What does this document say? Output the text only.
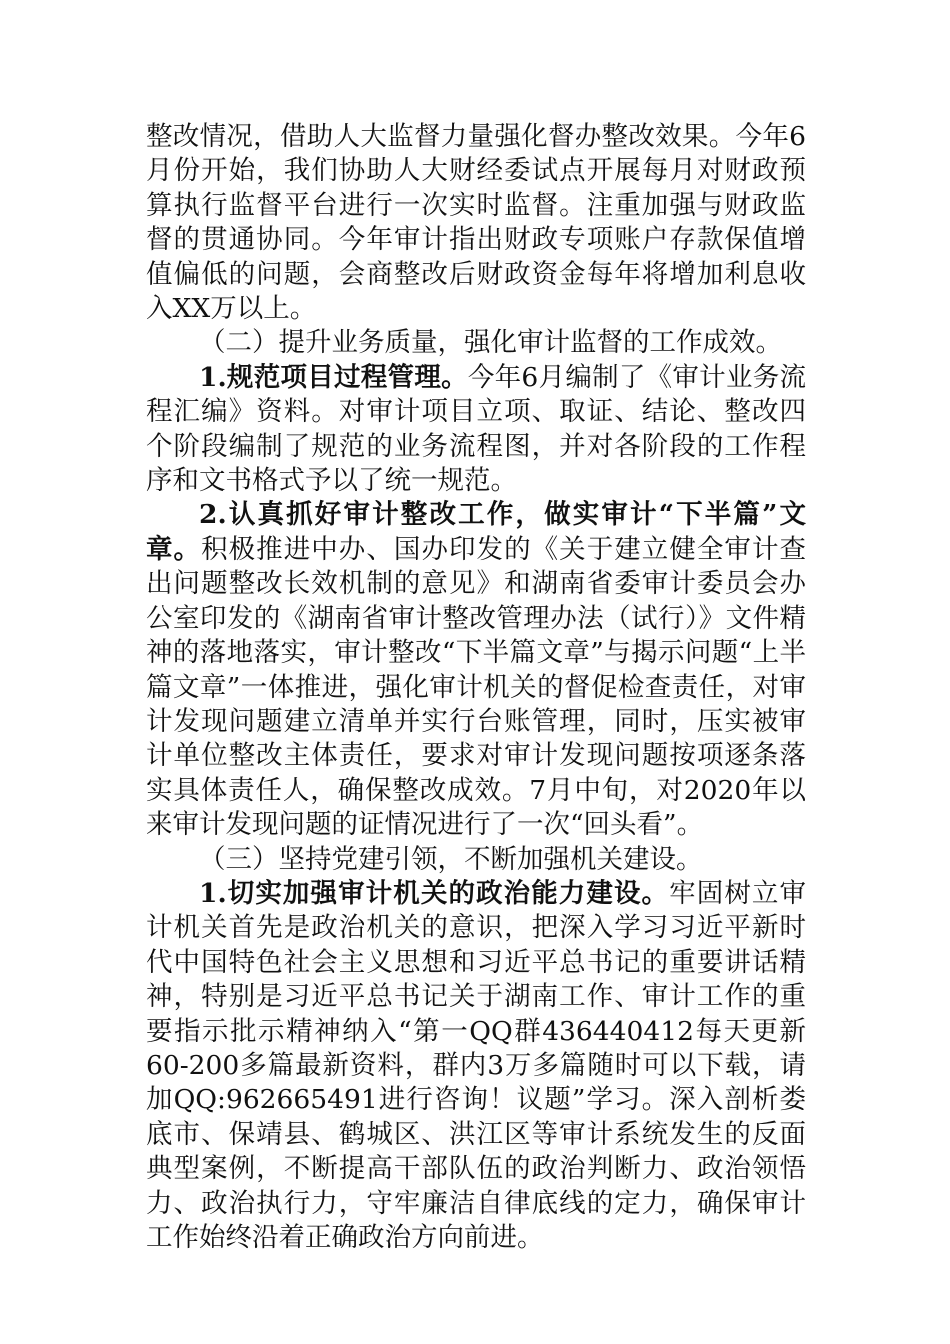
整改情况，借助人大监督力量强化督办整改效果。今年6月份开始，我们协助人大财经委试点开展每月对财政预算执行监督平台进行一次实时监督。注重加强与财政监督的贯通协同。今年审计指出财政专项账户存款保值增值偏低的问题，会商整改后财政资金每年将增加利息收入XX万以上。

（二）提升业务质量，强化审计监督的工作成效。

1.规范项目过程管理。今年6月编制了《审计业务流程汇编》资料。对审计项目立项、取证、结论、整改四个阶段编制了规范的业务流程图，并对各阶段的工作程序和文书格式予以了统一规范。

2.认真抓好审计整改工作，做实审计“下半篇”文章。积极推进中办、国办印发的《关于建立健全审计查出问题整改长效机制的意见》和湖南省委审计委员会办公室印发的《湖南省审计整改管理办法（试行）》文件精神的落地落实，审计整改“下半篇文章”与揭示问题“上半篇文章”一体推进，强化审计机关的督促检查责任，对审计发现问题建立清单并实行台账管理，同时，压实被审计单位整改主体责任，要求对审计发现问题按项逐条落实具体责任人，确保整改成效。7月中旬，对2020年以来审计发现问题的证情况进行了一次“回头看”。

（三）坚持党建引领，不断加强机关建设。

1.切实加强审计机关的政治能力建设。牢固树立审计机关首先是政治机关的意识，把深入学习习近平新时代中国特色社会主义思想和习近平总书记的重要讲话精神，特别是习近平总书记关于湖南工作、审计工作的重要指示批示精神纳入“第一QQ群436440412每天更新60-200多篇最新资料，群内3万多篇随时可以下载，请加QQ:962665491进行咨询！议题”学习。深入剖析娄底市、保靖县、鹤城区、洪江区等审计系统发生的反面典型案例，不断提高干部队伍的政治判断力、政治领悟力、政治执行力，守牢廉洁自律底线的定力，确保审计工作始终沿着正确政治方向前进。
